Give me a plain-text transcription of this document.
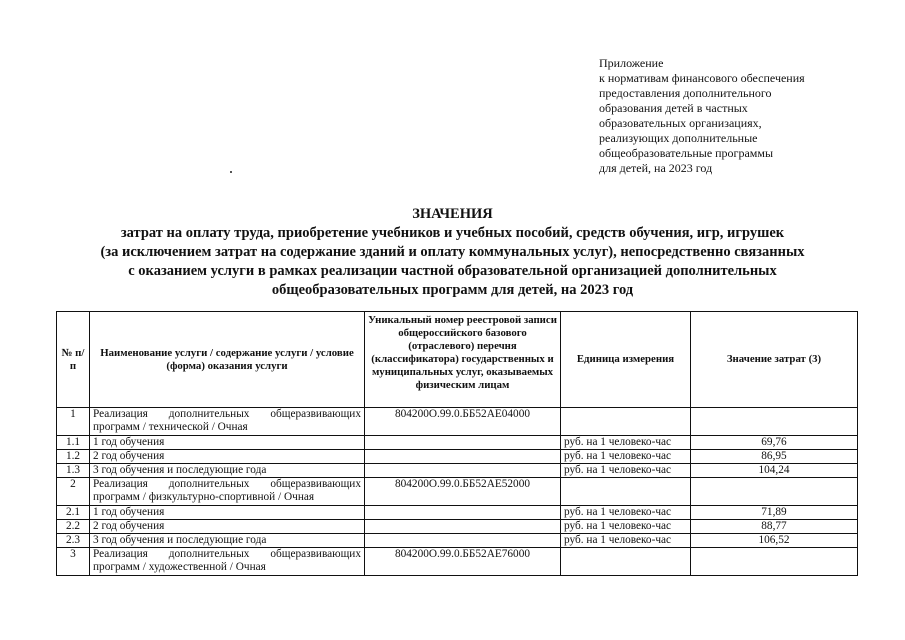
Приложение
к нормативам финансового обеспечения
предоставления дополнительного
образования детей в частных
образовательных организациях,
реализующих дополнительные
общеобразовательные программы
для детей, на 2023 год
ЗНАЧЕНИЯ
затрат на оплату труда, приобретение учебников и учебных пособий, средств обучения, игр, игрушек
(за исключением затрат на содержание зданий и оплату коммунальных услуг), непосредственно связанных
с оказанием услуги в рамках реализации частной образовательной организацией дополнительных
общеобразовательных программ для детей, на 2023 год
№ п/п	Наименование услуги / содержание услуги / условие (форма) оказания услуги	Уникальный номер реестровой записи общероссийского базового (отраслевого) перечня (классификатора) государственных и муниципальных услуг, оказываемых физическим лицам	Единица измерения	Значение затрат (3)
1	Реализация дополнительных общеразвивающих программ / технической / Очная	804200О.99.0.ББ52АЕ04000		
1.1	1 год обучения		руб. на 1 человеко-час	69,76
1.2	2 год обучения		руб. на 1 человеко-час	86,95
1.3	3 год обучения и последующие года		руб. на 1 человеко-час	104,24
2	Реализация дополнительных общеразвивающих программ / физкультурно-спортивной / Очная	804200О.99.0.ББ52АЕ52000		
2.1	1 год обучения		руб. на 1 человеко-час	71,89
2.2	2 год обучения		руб. на 1 человеко-час	88,77
2.3	3 год обучения и последующие года		руб. на 1 человеко-час	106,52
3	Реализация дополнительных общеразвивающих программ / художественной / Очная	804200О.99.0.ББ52АЕ76000		
